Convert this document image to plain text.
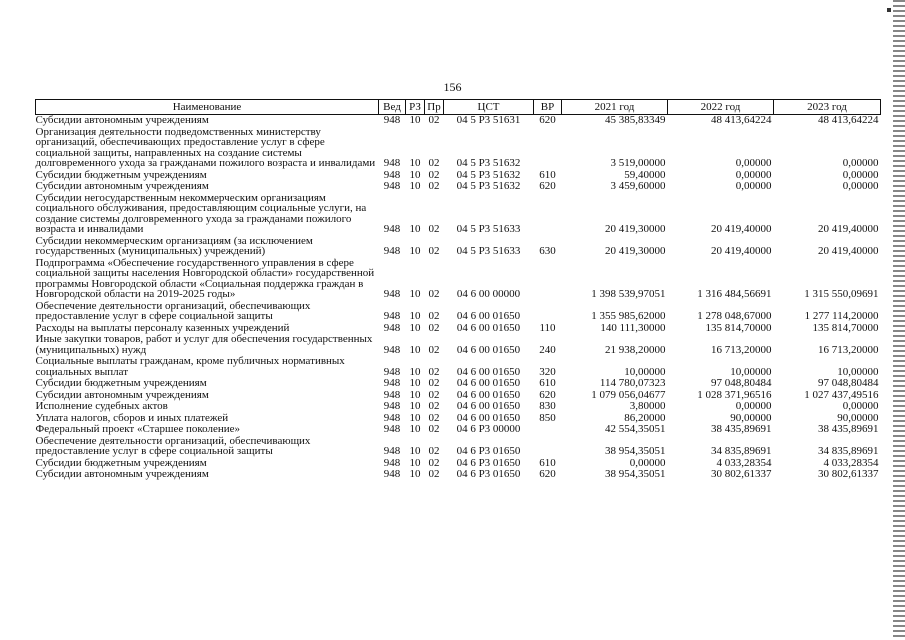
156
Наименование	Вед	РЗ	Пр	ЦСТ	ВР	2021 год	2022 год	2023 год
Субсидии автономным учреждениям	948	10	02	04 5 Р3 51631	620	45 385,83349	48 413,64224	48 413,64224
Организация деятельности подведомственных министерству организаций, обеспечивающих предоставление услуг в сфере социальной защиты, направленных на создание системы долговременного ухода за гражданами пожилого возраста и инвалидами	948	10	02	04 5 Р3 51632		3 519,00000	0,00000	0,00000
Субсидии бюджетным учреждениям	948	10	02	04 5 Р3 51632	610	59,40000	0,00000	0,00000
Субсидии автономным учреждениям	948	10	02	04 5 Р3 51632	620	3 459,60000	0,00000	0,00000
Субсидии негосударственным некоммерческим организациям социального обслуживания, предоставляющим социальные услуги, на создание системы долговременного ухода за гражданами пожилого возраста и инвалидами	948	10	02	04 5 Р3 51633		20 419,30000	20 419,40000	20 419,40000
Субсидии некоммерческим организациям (за исключением государственных (муниципальных) учреждений)	948	10	02	04 5 Р3 51633	630	20 419,30000	20 419,40000	20 419,40000
Подпрограмма «Обеспечение государственного управления в сфере социальной защиты населения Новгородской области» государственной программы Новгородской области «Социальная поддержка граждан в Новгородской области на 2019-2025 годы»	948	10	02	04 6 00 00000		1 398 539,97051	1 316 484,56691	1 315 550,09691
Обеспечение деятельности организаций, обеспечивающих предоставление услуг в сфере социальной защиты	948	10	02	04 6 00 01650		1 355 985,62000	1 278 048,67000	1 277 114,20000
Расходы на выплаты персоналу казенных учреждений	948	10	02	04 6 00 01650	110	140 111,30000	135 814,70000	135 814,70000
Иные закупки товаров, работ и услуг для обеспечения государственных (муниципальных) нужд	948	10	02	04 6 00 01650	240	21 938,20000	16 713,20000	16 713,20000
Социальные выплаты гражданам, кроме публичных нормативных социальных выплат	948	10	02	04 6 00 01650	320	10,00000	10,00000	10,00000
Субсидии бюджетным учреждениям	948	10	02	04 6 00 01650	610	114 780,07323	97 048,80484	97 048,80484
Субсидии автономным учреждениям	948	10	02	04 6 00 01650	620	1 079 056,04677	1 028 371,96516	1 027 437,49516
Исполнение судебных актов	948	10	02	04 6 00 01650	830	3,80000	0,00000	0,00000
Уплата налогов, сборов и иных платежей	948	10	02	04 6 00 01650	850	86,20000	90,00000	90,00000
Федеральный проект «Старшее поколение»	948	10	02	04 6 Р3 00000		42 554,35051	38 435,89691	38 435,89691
Обеспечение деятельности организаций, обеспечивающих предоставление услуг в сфере социальной защиты	948	10	02	04 6 Р3 01650		38 954,35051	34 835,89691	34 835,89691
Субсидии бюджетным учреждениям	948	10	02	04 6 Р3 01650	610	0,00000	4 033,28354	4 033,28354
Субсидии автономным учреждениям	948	10	02	04 6 Р3 01650	620	38 954,35051	30 802,61337	30 802,61337
